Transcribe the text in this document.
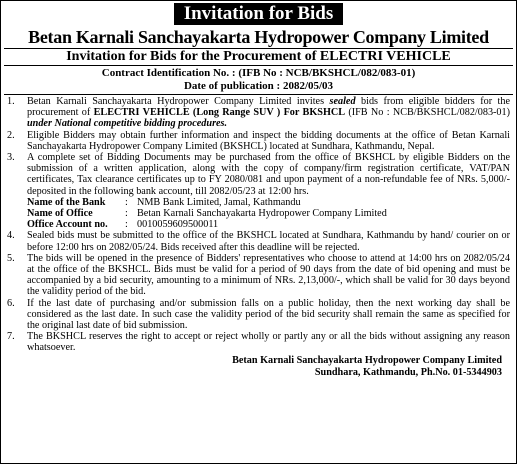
Invitation for Bids
Betan Karnali Sanchayakarta Hydropower Company Limited
Invitation for Bids for the Procurement of ELECTRI VEHICLE
Contract Identification No. : (IFB No : NCB/BKSHCL/082/083-01)
Date of publication : 2082/05/03
1.	Betan Karnali Sanchayakarta Hydropower Company Limited invites sealed bids from eligible bidders for the procurement of ELECTRI VEHICLE (Long Range SUV ) For BKSHCL (IFB No : NCB/BKSHCL/082/083-01) under National competitive bidding procedures.
2.	Eligible Bidders may obtain further information and inspect the bidding documents at the office of Betan Karnali Sanchayakarta Hydropower Company Limited (BKSHCL) located at Sundhara, Kathmandu, Nepal.
3.	A complete set of Bidding Documents may be purchased from the office of BKSHCL by eligible Bidders on the submission of a written application, along with the copy of company/firm registration certificate, VAT/PAN certificates, Tax clearance certificates up to FY 2080/081 and upon payment of a non-refundable fee of NRs. 5,000/- deposited in the following bank account, till 2082/05/23 at 12:00 hrs.
Name of the Bank	: NMB Bank Limited, Jamal, Kathmandu
Name of Office	: Betan Karnali Sanchayakarta Hydropower Company Limited
Office Account no.	: 0010059609500011
4.	Sealed bids must be submitted to the office of the BKSHCL located at Sundhara, Kathmandu by hand/ courier on or before 12:00 hrs on 2082/05/24. Bids received after this deadline will be rejected.
5.	The bids will be opened in the presence of Bidders' representatives who choose to attend at 14:00 hrs on 2082/05/24 at the office of the BKSHCL. Bids must be valid for a period of 90 days from the date of bid opening and must be accompanied by a bid security, amounting to a minimum of NRs. 2,13,000/-, which shall be valid for 30 days beyond the validity period of the bid.
6.	If the last date of purchasing and/or submission falls on a public holiday, then the next working day shall be considered as the last date. In such case the validity period of the bid security shall remain the same as specified for the original last date of bid submission.
7.	The BKSHCL reserves the right to accept or reject wholly or partly any or all the bids without assigning any reason whatsoever.
Betan Karnali Sanchayakarta Hydropower Company Limited
Sundhara, Kathmandu, Ph.No. 01-5344903
